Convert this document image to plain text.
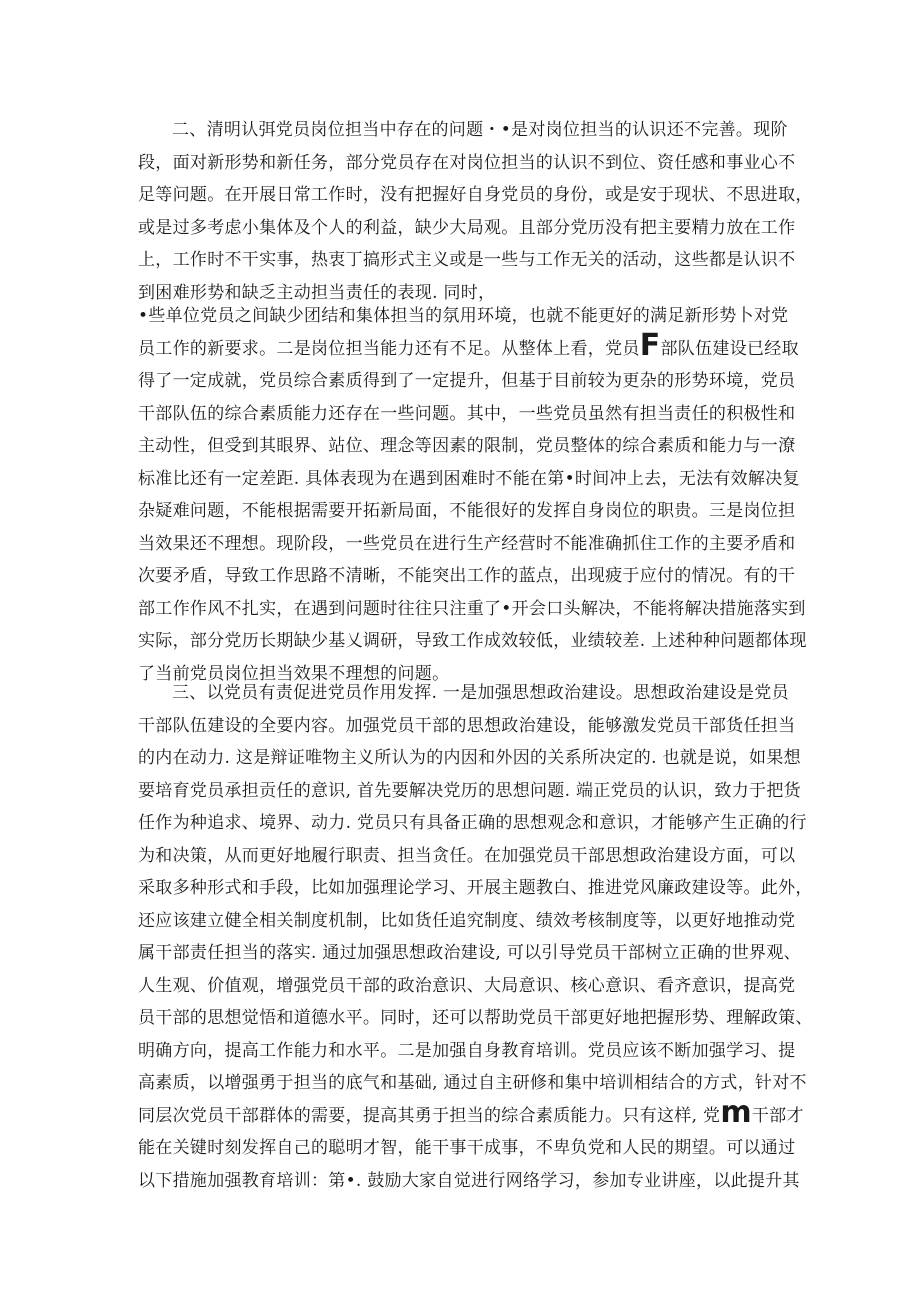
二、清明认弭党员岗位担当中存在的问题・•是对岗位担当的认识还不完善。现阶
段，面对新形势和新任务，部分党员存在对岗位担当的认识不到位、资任感和事业心不
足等问题。在开展日常工作时，没有把握好自身党员的身份，或是安于现状、不思进取，
或是过多考虑小集体及个人的利益，缺少大局观。且部分党历没有把主要精力放在工作
上，工作时不干实事，热衷丁搞形式主义或是一些与工作无关的活动，这些都是认识不
到困难形势和缺乏主动担当责任的表现. 同时，
•些单位党员之间缺少团结和集体担当的氛用环境，也就不能更好的满足新形势卜对党
员工作的新要求。二是岗位担当能力还有不足。从整体上看，党员F部队伍建设已经取
得了一定成就，党员综合素质得到了一定提升，但基于目前较为更杂的形势环境，党员
干部队伍的综合素质能力还存在一些问题。其中，一些党员虽然有担当责任的积极性和
主动性，但受到其眼界、站位、理念等因素的限制，党员整体的综合素质和能力与一潦
标准比还有一定差距. 具体表现为在遇到困难时不能在第•时间冲上去，无法有效解决复
杂疑难问题，不能根据需要开拓新局面，不能很好的发挥自身岗位的职贵。三是岗位担
当效果还不理想。现阶段，一些党员在进行生产经营时不能准确抓住工作的主要矛盾和
次要矛盾，导致工作思路不清晰，不能突出工作的蓝点，出现疲于应付的情况。有的干
部工作作风不扎实，在遇到问题时往往只注重了•开会口头解决，不能将解决措施落实到
实际，部分党历长期缺少基乂调研，导致工作成效较低，业绩较差. 上述种种问题都体现
了当前党员岗位担当效果不理想的问题。
三、以党员有责促进党员作用发挥. 一是加强思想政治建设。思想政治建设是党员
干部队伍建设的全要内容。加强党员干部的思想政治建设，能够激发党员干部货任担当
的内在动力. 这是辩证唯物主义所认为的内因和外因的关系所决定的. 也就是说，如果想
要培育党员承担贡任的意识, 首先要解决党历的思想问题. 端正党员的认识，致力于把货
任作为种追求、境界、动力. 党员只有具备正确的思想观念和意识，才能够产生正确的行
为和决策，从而更好地履行职责、担当贪任。在加强党员干部思想政治建设方面，可以
采取多种形式和手段，比如加强理论学习、开展主题教白、推进党风廉政建设等。此外，
还应该建立健全相关制度机制，比如货任追究制度、绩效考核制度等，以更好地推动党
属干部责任担当的落实. 通过加强思想政治建设, 可以引导党员干部树立正确的世界观、
人生观、价值观，增强党员干部的政治意识、大局意识、核心意识、看齐意识，提高党
员干部的思想觉悟和道德水平。同时，还可以帮助党员干部更好地把握形势、理解政策、
明确方向，提高工作能力和水平。二是加强自身教育培训。党员应该不断加强学习、提
高素质，以增强勇于担当的底气和基础, 通过自主研修和集中培训相结合的方式，针对不
同层次党员干部群体的需要，提高其勇于担当的综合素质能力。只有这样, 党m干部才
能在关键时刻发挥自己的聪明才智，能干事干成事，不卑负党和人民的期望。可以通过
以下措施加强教育培训：第•. 鼓励大家自觉进行网络学习，参加专业讲座，以此提升其
